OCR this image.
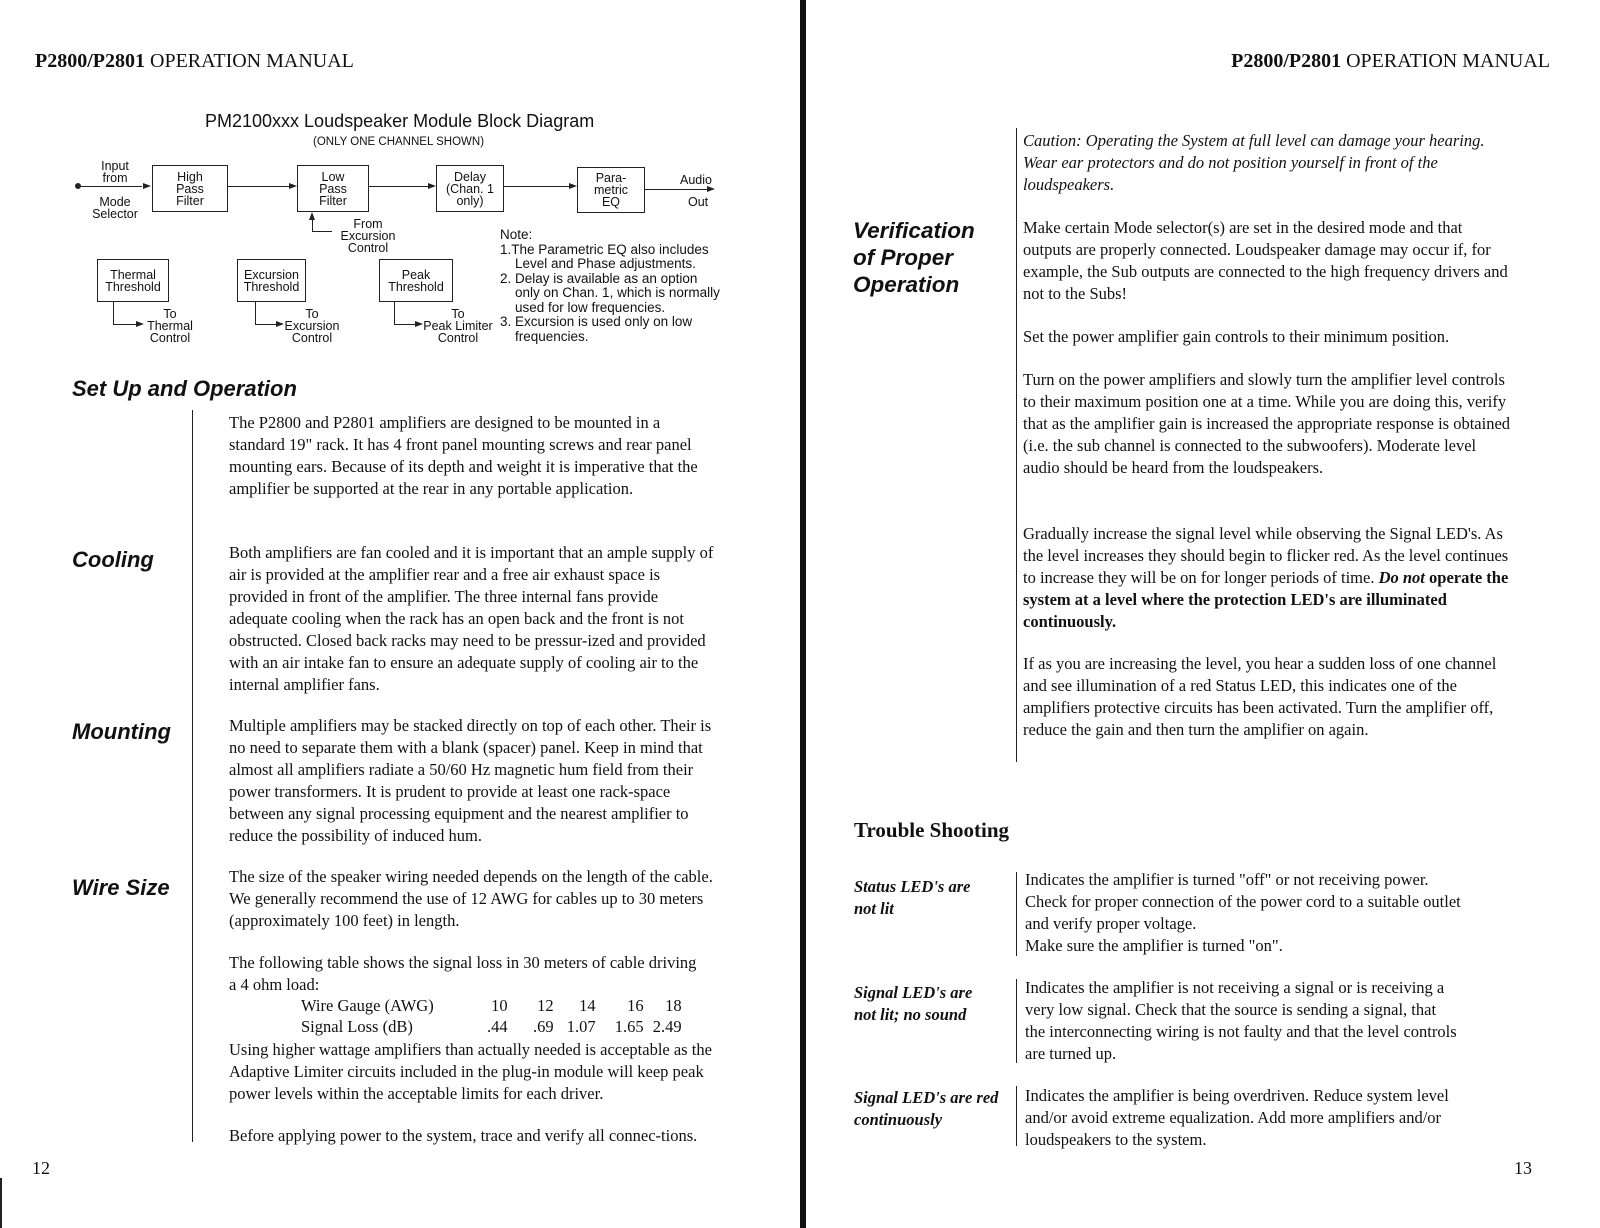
P2800/P2801 OPERATION MANUAL
PM2100xxx Loudspeaker Module Block Diagram
(ONLY ONE CHANNEL SHOWN)
Input
from
Mode
Selector
High
Pass
Filter
Low
Pass
Filter
Delay
(Chan. 1
only)
Para-
metric
EQ
Audio
Out
From
Excursion
Control
Thermal
Threshold
Excursion
Threshold
Peak
Threshold
To
Thermal
Control
To
Excursion
Control
To
Peak Limiter
Control
Note:
1.The Parametric EQ also includes
Level and Phase adjustments.
2. Delay is available as an option
only on Chan. 1, which is normally
used for low frequencies.
3. Excursion is used only on low
frequencies.
Set Up and Operation
The P2800 and P2801 amplifiers are designed to be mounted in a standard 19" rack. It has 4 front panel mounting screws and rear panel mounting ears. Because of its depth and weight it is imperative that the amplifier be supported at the rear in any portable application.
Cooling	Both amplifiers are fan cooled and it is important that an ample supply of air is provided at the amplifier rear and a free air exhaust space is provided in front of the amplifier. The three internal fans provide adequate cooling when the rack has an open back and the front is not obstructed. Closed back racks may need to be pressur-ized and provided with an air intake fan to ensure an adequate supply of cooling air to the internal amplifier fans.
Mounting	Multiple amplifiers may be stacked directly on top of each other. Their is no need to separate them with a blank (spacer) panel. Keep in mind that almost all amplifiers radiate a 50/60 Hz magnetic hum field from their power transformers. It is prudent to provide at least one rack-space between any signal processing equipment and the nearest amplifier to reduce the possibility of induced hum.
Wire Size	The size of the speaker wiring needed depends on the length of the cable. We generally recommend the use of 12 AWG for cables up to 30 meters (approximately 100 feet) in length.
The following table shows the signal loss in 30 meters of cable driving a 4 ohm load:
Wire Gauge (AWG)	10	12	14	16	18
Signal Loss (dB)	.44	.69	1.07	1.65	2.49
Using higher wattage amplifiers than actually needed is acceptable as the Adaptive Limiter circuits included in the plug-in module will keep peak power levels within the acceptable limits for each driver.
Before applying power to the system, trace and verify all connec-tions.
12
P2800/P2801 OPERATION MANUAL
Caution: Operating the System at full level can damage your hearing. Wear ear protectors and do not position yourself in front of the loudspeakers.
Verification
of Proper
Operation
Make certain Mode selector(s) are set in the desired mode and that outputs are properly connected. Loudspeaker damage may occur if, for example, the Sub outputs are connected to the high frequency drivers and not to the Subs!
Set the power amplifier gain controls to their minimum position.
Turn on the power amplifiers and slowly turn the amplifier level controls to their maximum position one at a time. While you are doing this, verify that as the amplifier gain is increased the appropriate response is obtained (i.e. the sub channel is connected to the subwoofers). Moderate level audio should be heard from the loudspeakers.
Gradually increase the signal level while observing the Signal LED's. As the level increases they should begin to flicker red. As the level continues to increase they will be on for longer periods of time. Do not operate the system at a level where the protection LED's are illuminated continuously.
If as you are increasing the level, you hear a sudden loss of one channel and see illumination of a red Status LED, this indicates one of the amplifiers protective circuits has been activated. Turn the amplifier off, reduce the gain and then turn the amplifier on again.
Trouble Shooting
Status LED's are
not lit
Indicates the amplifier is turned "off" or not receiving power.
Check for proper connection of the power cord to a suitable outlet
and verify proper voltage.
Make sure the amplifier is turned "on".
Signal LED's are
not lit; no sound
Indicates the amplifier is not receiving a signal or is receiving a
very low signal. Check that the source is sending a signal, that
the interconnecting wiring is not faulty and that the level controls
are turned up.
Signal LED's are red
continuously
Indicates the amplifier is being overdriven. Reduce system level
and/or avoid extreme equalization. Add more amplifiers and/or
loudspeakers to the system.
13
